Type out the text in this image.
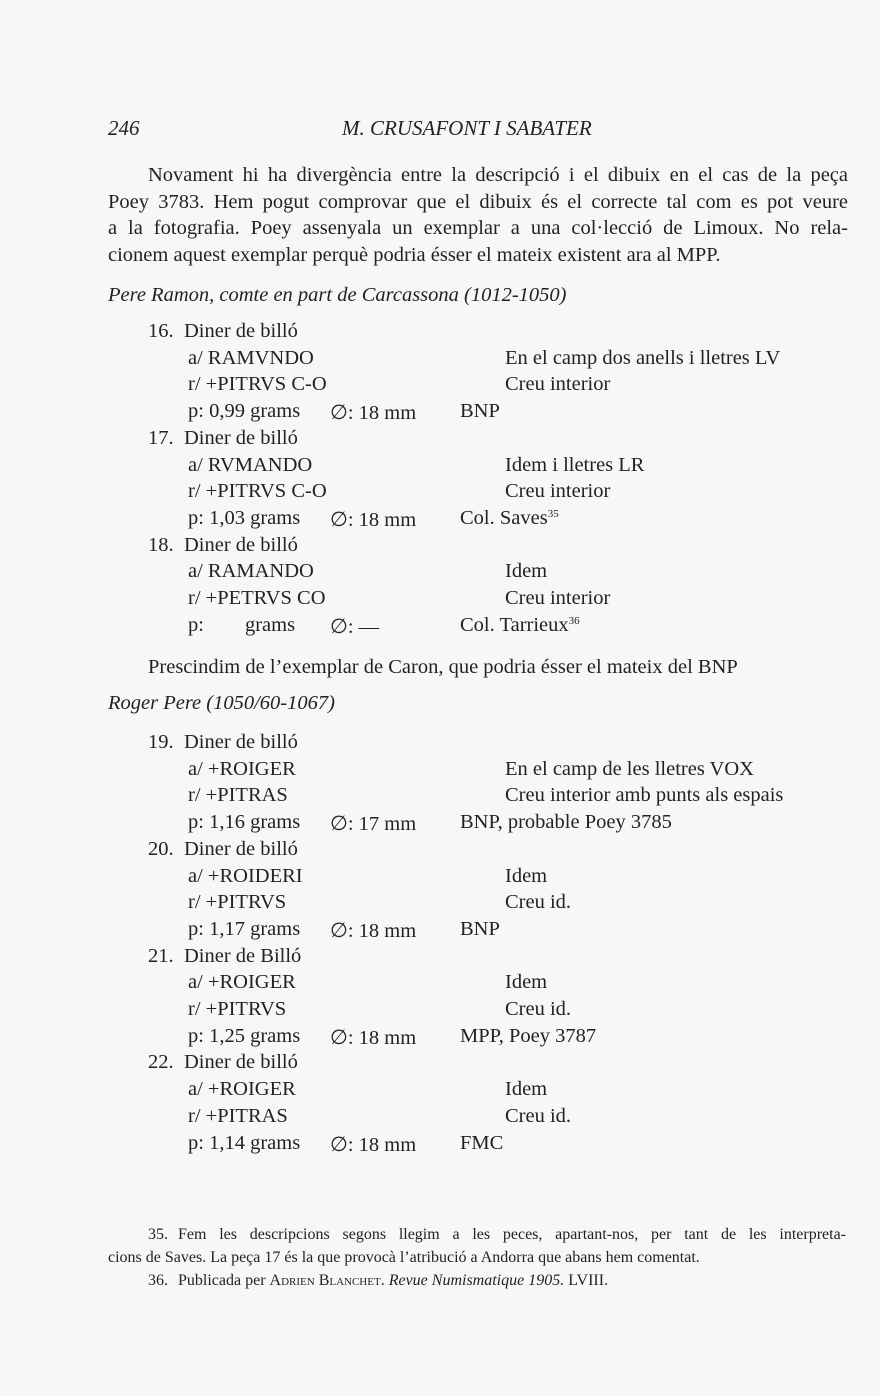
246	M. CRUSAFONT I SABATER
Novament hi ha divergència entre la descripció i el dibuix en el cas de la peça
Poey 3783. Hem pogut comprovar que el dibuix és el correcte tal com es pot veure
a la fotografia. Poey assenyala un exemplar a una col·lecció de Limoux. No rela-
cionem aquest exemplar perquè podria ésser el mateix existent ara al MPP.
Pere Ramon, comte en part de Carcassona (1012-1050)
16. Diner de billó
a/ RAMVNDO	En el camp dos anells i lletres LV
r/ +PITRVS C-O	Creu interior
p: 0,99 grams ∅: 18 mm BNP
17. Diner de billó
a/ RVMANDO	Idem i lletres LR
r/ +PITRVS C-O	Creu interior
p: 1,03 grams ∅: 18 mm Col. Saves$^{35}$
18. Diner de billó
a/ RAMANDO	Idem
r/ +PETRVS CO	Creu interior
p:        grams ∅: —	Col. Tarrieux$^{36}$
Prescindim de l’exemplar de Caron, que podria ésser el mateix del BNP
Roger Pere (1050/60-1067)
19. Diner de billó
a/ +ROIGER	En el camp de les lletres VOX
r/ +PITRAS	Creu interior amb punts als espais
p: 1,16 grams ∅: 17 mm BNP, probable Poey 3785
20. Diner de billó
a/ +ROIDERI	Idem
r/ +PITRVS	Creu id.
p: 1,17 grams ∅: 18 mm BNP
21. Diner de Billó
a/ +ROIGER	Idem
r/ +PITRVS	Creu id.
p: 1,25 grams ∅: 18 mm MPP, Poey 3787
22. Diner de billó
a/ +ROIGER	Idem
r/ +PITRAS	Creu id.
p: 1,14 grams ∅: 18 mm FMC
35. Fem les descripcions segons llegim a les peces, apartant-nos, per tant de les interpreta-
cions de Saves. La peça 17 és la que provocà l’atribució a Andorra que abans hem comentat.
36. Publicada per Adrien Blanchet. Revue Numismatique 1905. LVIII.
